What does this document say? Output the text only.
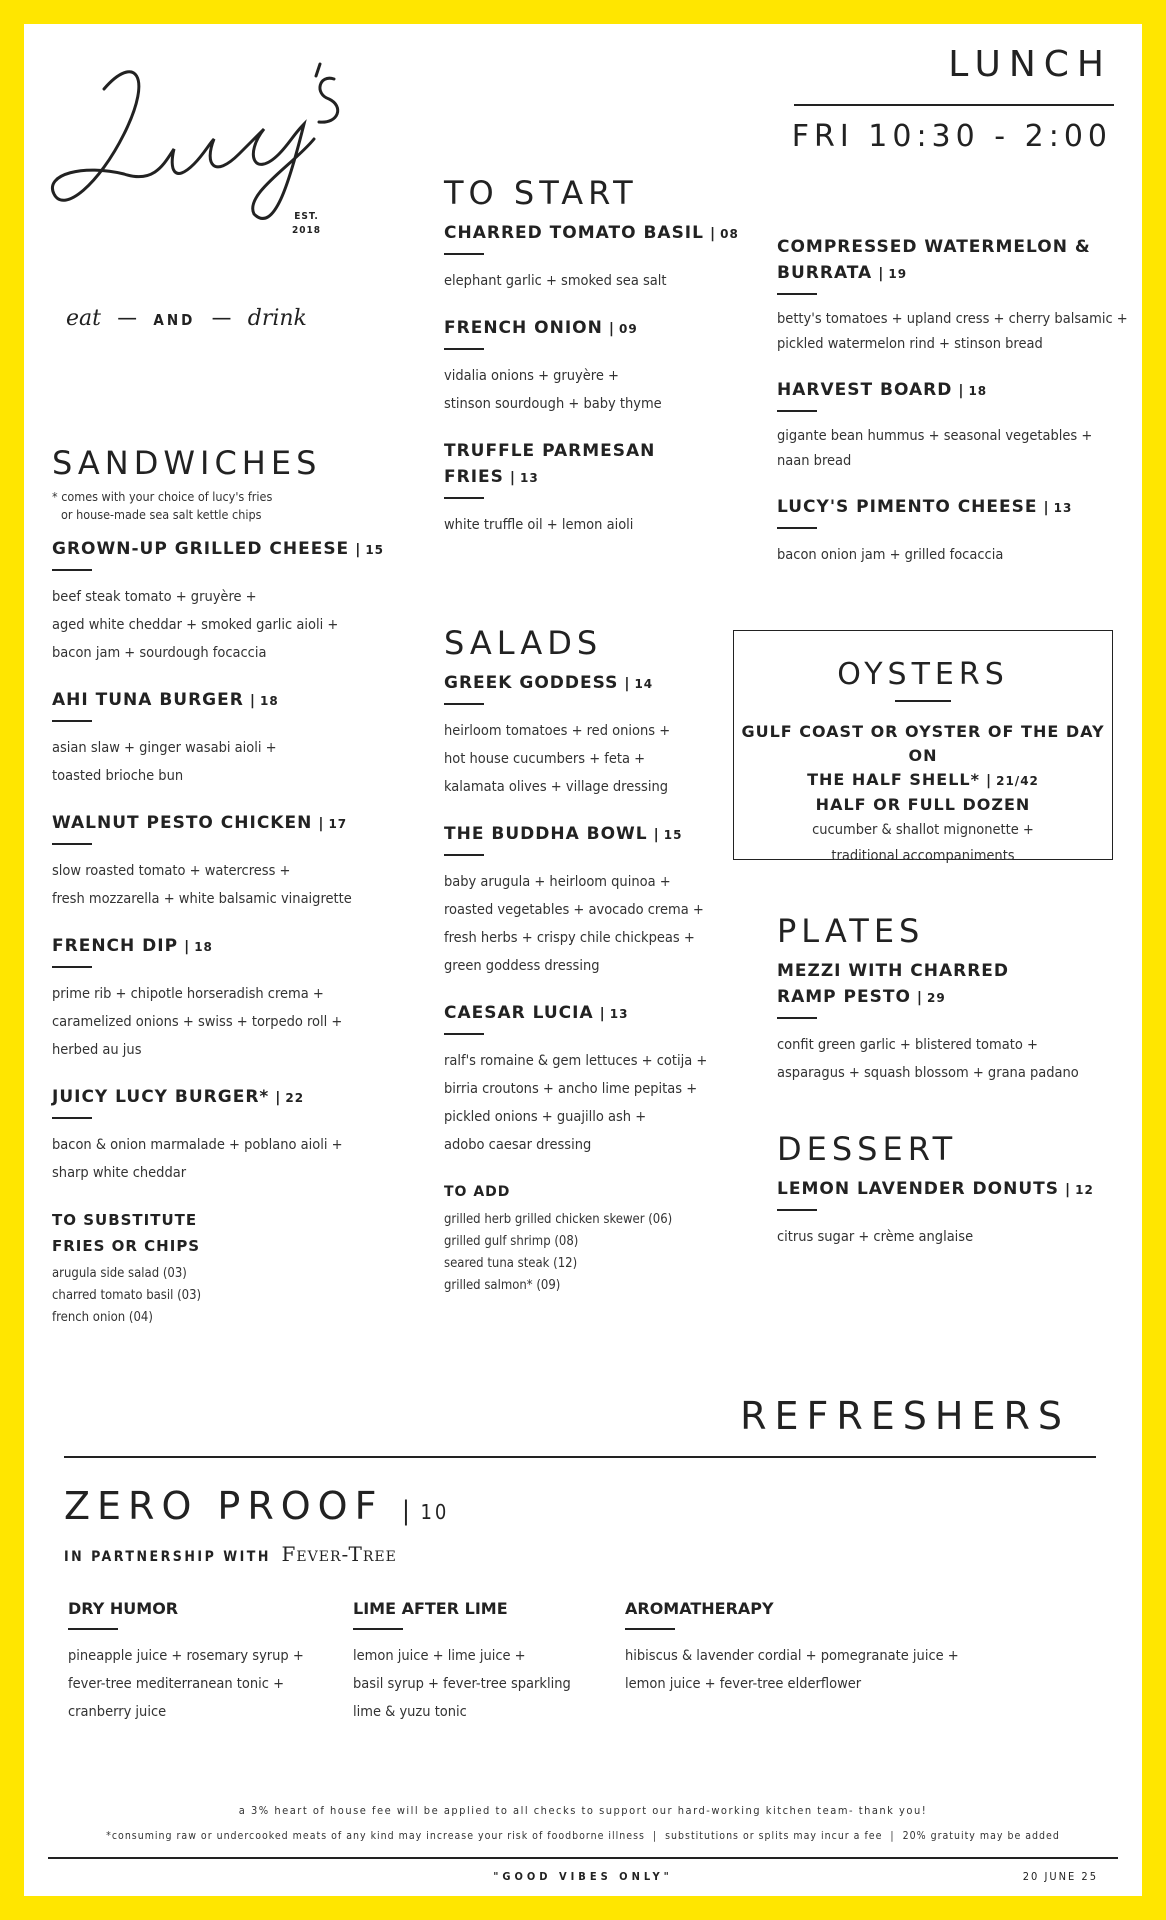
EST.
2018
eat — AND — drink
LUNCH
FRI 10:30 - 2:00
TO START

CHARRED TOMATO BASIL | 08

elephant garlic + smoked sea salt

FRENCH ONION | 09

vidalia onions + gruyère +

stinson sourdough + baby thyme

TRUFFLE PARMESAN FRIES | 13

white truffle oil + lemon aioli

COMPRESSED WATERMELON &

BURRATA | 19

betty's tomatoes + upland cress + cherry balsamic +

pickled watermelon rind + stinson bread

HARVEST BOARD | 18

gigante bean hummus + seasonal vegetables +

naan bread

LUCY'S PIMENTO CHEESE | 13

bacon onion jam + grilled focaccia

SANDWICHES

* comes with your choice of lucy's fries

or house-made sea salt kettle chips

GROWN-UP GRILLED CHEESE | 15

beef steak tomato + gruyère +

aged white cheddar + smoked garlic aioli +

bacon jam + sourdough focaccia

AHI TUNA BURGER | 18

asian slaw + ginger wasabi aioli +

toasted brioche bun

WALNUT PESTO CHICKEN | 17

slow roasted tomato + watercress +

fresh mozzarella + white balsamic vinaigrette

FRENCH DIP | 18

prime rib + chipotle horseradish crema +

caramelized onions + swiss + torpedo roll +

herbed au jus

JUICY LUCY BURGER* | 22

bacon & onion marmalade + poblano aioli +

sharp white cheddar

TO SUBSTITUTE

FRIES OR CHIPS

arugula side salad (03)

charred tomato basil (03)

french onion (04)

SALADS

GREEK GODDESS | 14

heirloom tomatoes + red onions +

hot house cucumbers + feta +

kalamata olives + village dressing

THE BUDDHA BOWL | 15

baby arugula + heirloom quinoa +

roasted vegetables + avocado crema +

fresh herbs + crispy chile chickpeas +

green goddess dressing

CAESAR LUCIA | 13

ralf's romaine & gem lettuces + cotija +

birria croutons + ancho lime pepitas +

pickled onions + guajillo ash +

adobo caesar dressing

TO ADD

grilled herb grilled chicken skewer (06)

grilled gulf shrimp (08)

seared tuna steak (12)

grilled salmon* (09)

OYSTERS
GULF COAST OR OYSTER OF THE DAY ON
THE HALF SHELL* | 21/42
HALF OR FULL DOZEN

cucumber & shallot mignonette +

traditional accompaniments

PLATES

MEZZI WITH CHARRED

RAMP PESTO | 29

confit green garlic + blistered tomato +

asparagus + squash blossom + grana padano

DESSERT

LEMON LAVENDER DONUTS | 12

citrus sugar + crème anglaise

REFRESHERS
ZERO PROOF | 10
IN PARTNERSHIP WITH Fever-Tree

DRY HUMOR

pineapple juice + rosemary syrup +

fever-tree mediterranean tonic +

cranberry juice

LIME AFTER LIME

lemon juice + lime juice +

basil syrup + fever-tree sparkling

lime & yuzu tonic

AROMATHERAPY

hibiscus & lavender cordial + pomegranate juice +

lemon juice + fever-tree elderflower

a 3% heart of house fee will be applied to all checks to support our hard-working kitchen team- thank you!
*consuming raw or undercooked meats of any kind may increase your risk of foodborne illness  |  substitutions or splits may incur a fee  |  20% gratuity may be added
"GOOD VIBES ONLY"	20 JUNE 25
